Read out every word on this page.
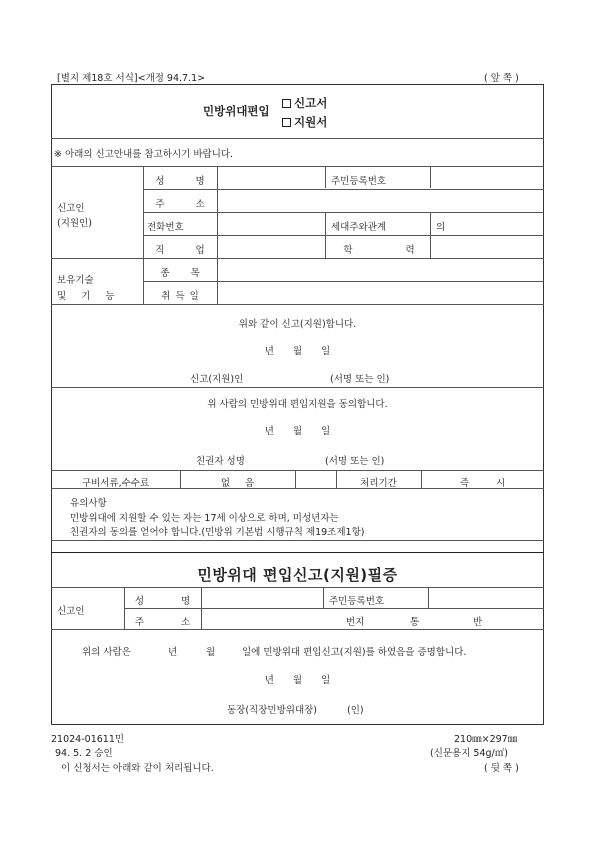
[별지 제18호 서식]<개정 94.7.1>	( 앞 쪽 )
민방위대편입
신고서
지원서
※ 아래의 신고안내를 참고하시기 바랍니다.
신고인
(지원인)
성 명	주민등록번호
주 소
전화번호	세대주와관계	의
직 업	학 력
보유기술
및 기 능
종 목
취 득 일
위와 같이 신고(지원)합니다.
년 월 일
신고(지원)인	(서명 또는 인)
위 사람의 민방위대 편입지원을 동의합니다.
년 월 일
친권자 성명	(서명 또는 인)
구비서류,수수료	없 음	처리기간	즉 시
유의사항
민방위대에 지원할 수 있는 자는 17세 이상으로 하며, 미성년자는
친권자의 동의를 얻어야 합니다.(민방위 기본법 시행규칙 제19조제1항)
민방위대 편입신고(지원)필증
신고인
성 명	주민등록번호
주 소	번지	통	반
위의 사람은	년	월	일에 민방위대 편입신고(지원)를 하였음을 증명합니다.
년 월 일
동장(직장민방위대장)	(인)
21024-01611민
94. 5. 2 승인
210㎜×297㎜
(신문용지 54g/㎡)
이 신청서는 아래와 같이 처리됩니다.	( 뒷 쪽 )
